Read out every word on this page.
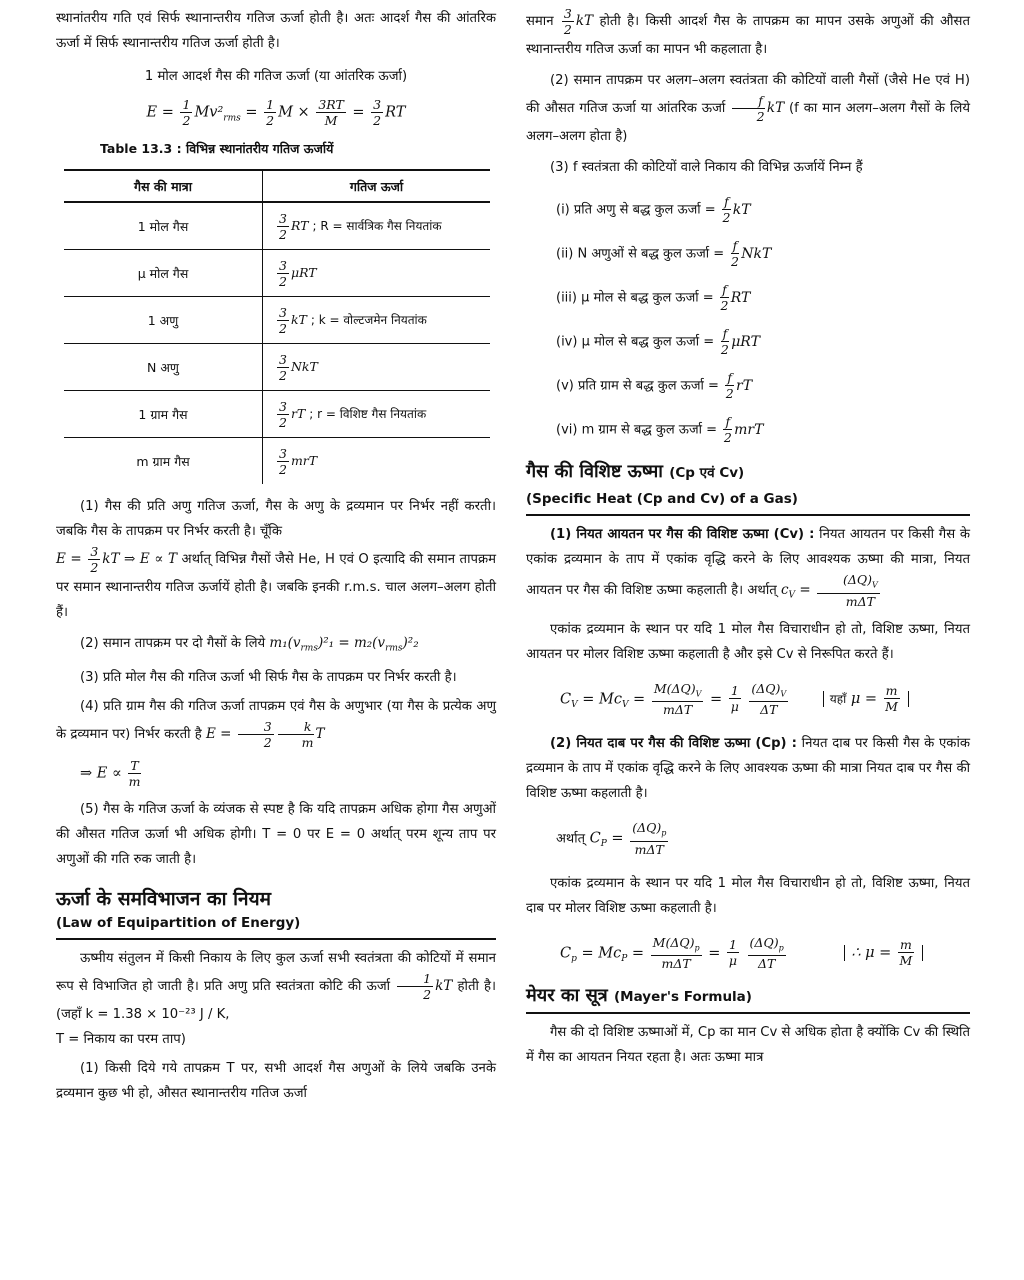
स्थानांतरीय गति एवं सिर्फ स्थानान्तरीय गतिज ऊर्जा होती है। अतः आदर्श गैस की आंतरिक ऊर्जा में सिर्फ स्थानान्तरीय गतिज ऊर्जा होती है।

1 मोल आदर्श गैस की गतिज ऊर्जा (या आंतरिक ऊर्जा)

$E = \frac{1}{2} Mv^2_{rms} = \frac{1}{2}$ $M \times \frac{3RT}{M} = \frac{3}{2}$ RT
Table 13.3 : विभिन्न स्थानांतरीय गतिज ऊर्जायें
गैस की मात्रा	गतिज ऊर्जा
1 मोल गैस	$\frac{3}{2}$ RT ; R = सार्वत्रिक गैस नियतांक
μ मोल गैस	$\frac{3}{2}$ μRT
1 अणु	$\frac{3}{2}$ kT ; k = वोल्टजमेन नियतांक
N अणु	$\frac{3}{2}$ NkT
1 ग्राम गैस	$\frac{3}{2}$ rT ; r = विशिष्ट गैस नियतांक
m ग्राम गैस	$\frac{3}{2}$ mrT

(1) गैस की प्रति अणु गतिज ऊर्जा, गैस के अणु के द्रव्यमान पर निर्भर नहीं करती। जबकि गैस के तापक्रम पर निर्भर करती है। चूँकि

$E = \frac{3}{2}$ kT ⇒ E ∝ T अर्थात् विभिन्न गैसों जैसे He, H एवं O इत्यादि की समान तापक्रम पर समान स्थानान्तरीय गतिज ऊर्जायें होती है। जबकि इनकी r.m.s. चाल अलग–अलग होती हैं।

(2) समान तापक्रम पर दो गैसों के लिये $m_1(v_{rms})^2_1 = m_2(v_{rms})^2_2$

(3) प्रति मोल गैस की गतिज ऊर्जा भी सिर्फ गैस के तापक्रम पर निर्भर करती है।

(4) प्रति ग्राम गैस की गतिज ऊर्जा तापक्रम एवं गैस के अणुभार (या गैस के प्रत्येक अणु के द्रव्यमान पर) निर्भर करती है $E = \frac{3}{2} \frac{k}{m}$ T

⇒ $E \propto \frac{T}{m}$

(5) गैस के गतिज ऊर्जा के व्यंजक से स्पष्ट है कि यदि तापक्रम अधिक होगा गैस अणुओं की औसत गतिज ऊर्जा भी अधिक होगी। T = 0 पर E = 0 अर्थात् परम शून्य ताप पर अणुओं की गति रुक जाती है।

ऊर्जा के समविभाजन का नियम
(Law of Equipartition of Energy)

ऊष्मीय संतुलन में किसी निकाय के लिए कुल ऊर्जा सभी स्वतंत्रता की कोटियों में समान रूप से विभाजित हो जाती है। प्रति अणु प्रति स्वतंत्रता कोटि की ऊर्जा $\frac{1}{2}$ kT होती है। (जहाँ k = 1.38 × 10⁻²³ J / K,

T = निकाय का परम ताप)

(1) किसी दिये गये तापक्रम T पर, सभी आदर्श गैस अणुओं के लिये जबकि उनके द्रव्यमान कुछ भी हो, औसत स्थानान्तरीय गतिज ऊर्जा

समान $\frac{3}{2}$ kT होती है। किसी आदर्श गैस के तापक्रम का मापन उसके अणुओं की औसत स्थानान्तरीय गतिज ऊर्जा का मापन भी कहलाता है।

(2) समान तापक्रम पर अलग–अलग स्वतंत्रता की कोटियों वाली गैसों (जैसे He एवं H) की औसत गतिज ऊर्जा या आंतरिक ऊर्जा $\frac{f}{2}$ kT (f का मान अलग–अलग गैसों के लिये अलग–अलग होता है)

(3) f स्वतंत्रता की कोटियों वाले निकाय की विभिन्न ऊर्जायें निम्न हैं

(i) प्रति अणु से बद्ध कुल ऊर्जा = $\frac{f}{2}$ kT
(ii) N अणुओं से बद्ध कुल ऊर्जा = $\frac{f}{2}$ NkT
(iii) μ मोल से बद्ध कुल ऊर्जा = $\frac{f}{2}$ RT
(iv) μ मोल से बद्ध कुल ऊर्जा = $\frac{f}{2}$ μRT
(v) प्रति ग्राम से बद्ध कुल ऊर्जा = $\frac{f}{2}$ rT
(vi) m ग्राम से बद्ध कुल ऊर्जा = $\frac{f}{2}$ mrT
गैस की विशिष्ट ऊष्मा (Cp एवं Cv)
(Specific Heat (Cp and Cv) of a Gas)

(1) नियत आयतन पर गैस की विशिष्ट ऊष्मा (Cv) : नियत आयतन पर किसी गैस के एकांक द्रव्यमान के ताप में एकांक वृद्धि करने के लिए आवश्यक ऊष्मा की मात्रा, नियत आयतन पर गैस की विशिष्ट ऊष्मा कहलाती है। अर्थात् $c_V$ =
$(\Delta Q)_V$
mΔT

एकांक द्रव्यमान के स्थान पर यदि 1 मोल गैस विचाराधीन हो तो, विशिष्ट ऊष्मा, नियत आयतन पर मोलर विशिष्ट ऊष्मा कहलाती है और इसे Cv से निरूपित करते हैं।

$C_V = Mc_V$ =
$M(\Delta Q)_V$
mΔT
= $\frac{1}{\mu}$
$\frac{(\Delta Q)_V}{\Delta T}$	यहाँ $\mu = \frac{m}{M}$

(2) नियत दाब पर गैस की विशिष्ट ऊष्मा (Cp) : नियत दाब पर किसी गैस के एकांक द्रव्यमान के ताप में एकांक वृद्धि करने के लिए आवश्यक ऊष्मा की मात्रा नियत दाब पर गैस की विशिष्ट ऊष्मा कहलाती है।

अर्थात् $C_P$ =
$(\Delta Q)_p$
mΔT

एकांक द्रव्यमान के स्थान पर यदि 1 मोल गैस विचाराधीन हो तो, विशिष्ट ऊष्मा, नियत दाब पर मोलर विशिष्ट ऊष्मा कहलाती है।

$C_p = Mc_P$ =
$M(\Delta Q)_p$
mΔT
= $\frac{1}{\mu}$
$\frac{(\Delta Q)_p}{\Delta T}$	∴ $\mu = \frac{m}{M}$
मेयर का सूत्र (Mayer's Formula)

गैस की दो विशिष्ट ऊष्माओं में, Cp का मान Cv से अधिक होता है क्योंकि Cv की स्थिति में गैस का आयतन नियत रहता है। अतः ऊष्मा मात्र
